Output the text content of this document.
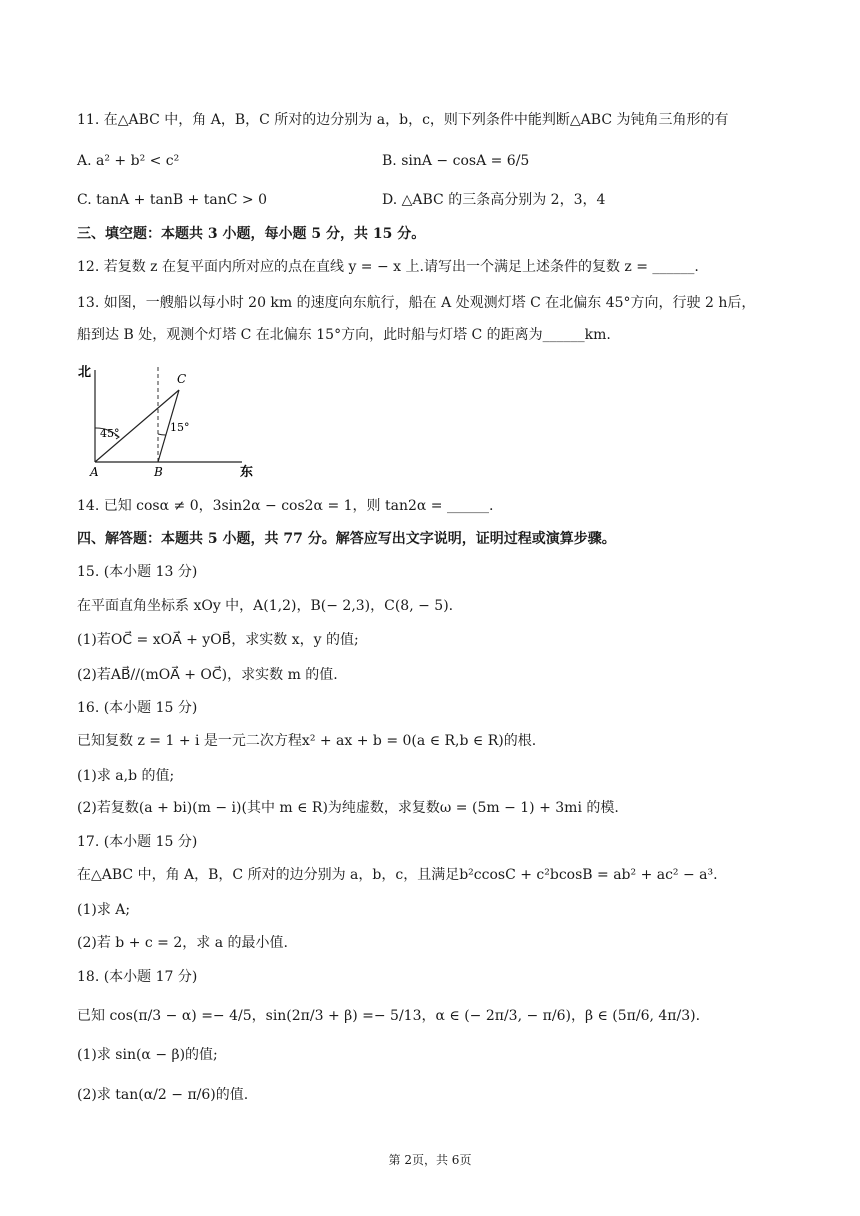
11. 在△ABC 中，角 A，B，C 所对的边分别为 a，b，c，则下列条件中能判断△ABC 为钝角三角形的有
A. a² + b² < c²	B. sinA − cosA = 6/5
C. tanA + tanB + tanC > 0	D. △ABC 的三条高分别为 2，3，4
三、填空题：本题共 3 小题，每小题 5 分，共 15 分。
12. 若复数 z 在复平面内所对应的点在直线 y = − x 上.请写出一个满足上述条件的复数 z = ______.
13. 如图，一艘船以每小时 20 km 的速度向东航行，船在 A 处观测灯塔 C 在北偏东 45°方向，行驶 2 h后，
船到达 B 处，观测个灯塔 C 在北偏东 15°方向，此时船与灯塔 C 的距离为______km.
北
东
A	B
C
45°	15°
14. 已知 cosα ≠ 0，3sin2α − cos2α = 1，则 tan2α = ______.
四、解答题：本题共 5 小题，共 77 分。解答应写出文字说明，证明过程或演算步骤。
15. (本小题 13 分)
在平面直角坐标系 xOy 中，A(1,2)，B(− 2,3)，C(8, − 5).
(1)若OC⃗ = xOA⃗ + yOB⃗，求实数 x，y 的值;
(2)若AB⃗//(mOA⃗ + OC⃗)，求实数 m 的值.
16. (本小题 15 分)
已知复数 z = 1 + i 是一元二次方程x² + ax + b = 0(a ∈ R,b ∈ R)的根.
(1)求 a,b 的值;
(2)若复数(a + bi)(m − i)(其中 m ∈ R)为纯虚数，求复数ω = (5m − 1) + 3mi 的模.
17. (本小题 15 分)
在△ABC 中，角 A，B，C 所对的边分别为 a，b，c，且满足b²ccosC + c²bcosB = ab² + ac² − a³.
(1)求 A;
(2)若 b + c = 2，求 a 的最小值.
18. (本小题 17 分)
已知 cos(π/3 − α) =− 4/5，sin(2π/3 + β) =− 5/13，α ∈ (− 2π/3, − π/6)，β ∈ (5π/6, 4π/3).
(1)求 sin(α − β)的值;
(2)求 tan(α/2 − π/6)的值.
第 2页，共 6页
